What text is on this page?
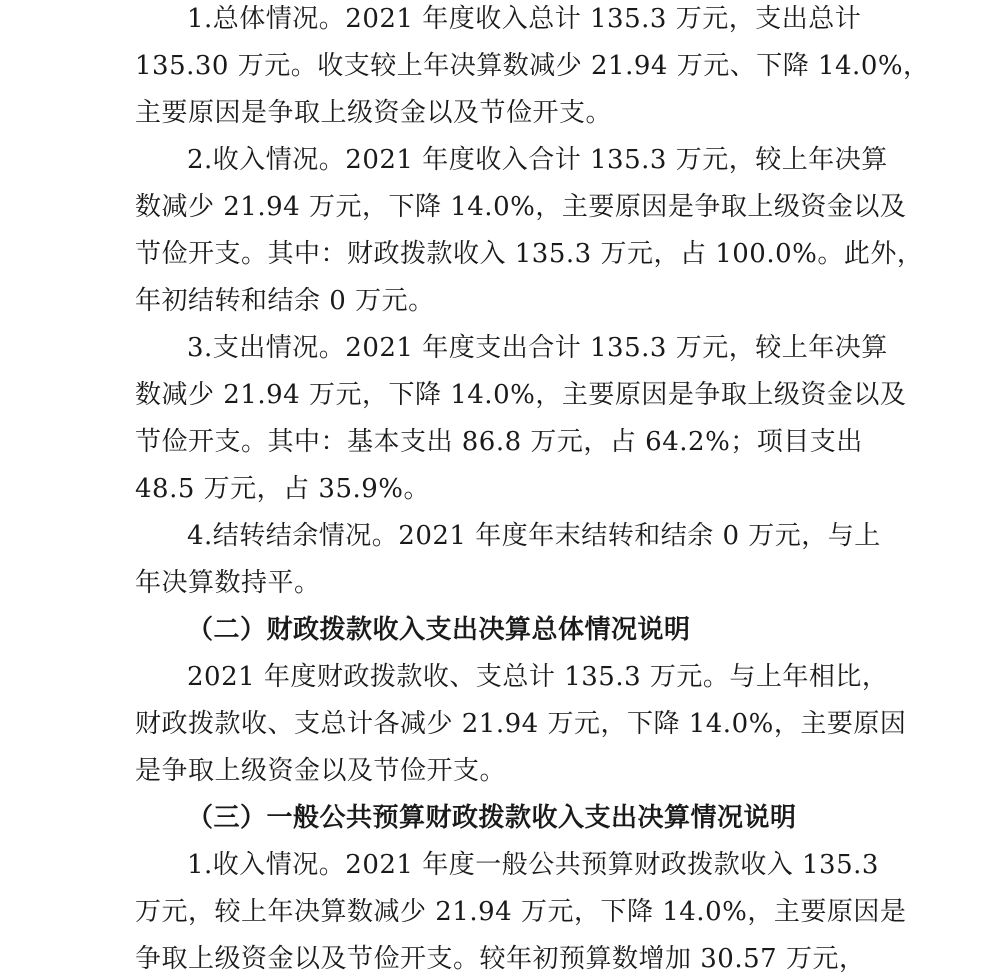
1.总体情况。2021 年度收入总计 135.3 万元，支出总计
135.30 万元。收支较上年决算数减少 21.94 万元、下降 14.0%，
主要原因是争取上级资金以及节俭开支。
2.收入情况。2021 年度收入合计 135.3 万元，较上年决算
数减少 21.94 万元，下降 14.0%，主要原因是争取上级资金以及
节俭开支。其中：财政拨款收入 135.3 万元，占 100.0%。此外，
年初结转和结余 0 万元。
3.支出情况。2021 年度支出合计 135.3 万元，较上年决算
数减少 21.94 万元，下降 14.0%，主要原因是争取上级资金以及
节俭开支。其中：基本支出 86.8 万元，占 64.2%；项目支出
48.5 万元，占 35.9%。
4.结转结余情况。2021 年度年末结转和结余 0 万元，与上
年决算数持平。
（二）财政拨款收入支出决算总体情况说明
2021 年度财政拨款收、支总计 135.3 万元。与上年相比，
财政拨款收、支总计各减少 21.94 万元，下降 14.0%，主要原因
是争取上级资金以及节俭开支。
（三）一般公共预算财政拨款收入支出决算情况说明
1.收入情况。2021 年度一般公共预算财政拨款收入 135.3
万元，较上年决算数减少 21.94 万元，下降 14.0%，主要原因是
争取上级资金以及节俭开支。较年初预算数增加 30.57 万元，
